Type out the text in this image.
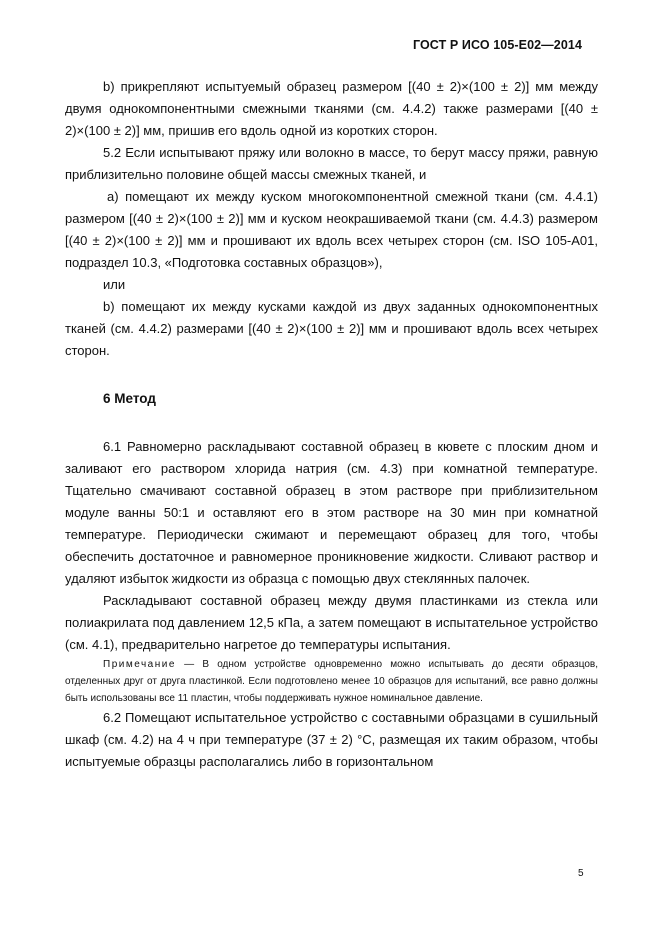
ГОСТ Р ИСО 105-Е02—2014

b) прикрепляют испытуемый образец размером [(40 ± 2)×(100 ± 2)] мм между двумя однокомпонентными смежными тканями (см. 4.4.2) также размерами [(40 ± 2)×(100 ± 2)] мм, пришив его вдоль одной из коротких сторон.

5.2 Если испытывают пряжу или волокно в массе, то берут массу пряжи, равную приблизительно половине общей массы смежных тканей, и

а) помещают их между куском многокомпонентной смежной ткани (см. 4.4.1) размером [(40 ± 2)×(100 ± 2)] мм и куском неокрашиваемой ткани (см. 4.4.3) размером [(40 ± 2)×(100 ± 2)] мм и прошивают их вдоль всех четырех сторон (см. ISO 105-А01, подраздел 10.3, «Подготовка составных образцов»),

или

b) помещают их между кусками каждой из двух заданных однокомпонентных тканей (см. 4.4.2) размерами [(40 ± 2)×(100 ± 2)] мм и прошивают вдоль всех четырех сторон.

6 Метод

6.1 Равномерно раскладывают составной образец в кювете с плоским дном и заливают его раствором хлорида натрия (см. 4.3) при комнатной температуре. Тщательно смачивают составной образец в этом растворе при приблизительном модуле ванны 50:1 и оставляют его в этом растворе на 30 мин при комнатной температуре. Периодически сжимают и перемещают образец для того, чтобы обеспечить достаточное и равномерное проникновение жидкости. Сливают раствор и удаляют избыток жидкости из образца с помощью двух стеклянных палочек.

Раскладывают составной образец между двумя пластинками из стекла или полиакрилата под давлением 12,5 кПа, а затем помещают в испытательное устройство (см. 4.1), предварительно нагретое до температуры испытания.

Примечание — В одном устройстве одновременно можно испытывать до десяти образцов, отделенных друг от друга пластинкой. Если подготовлено менее 10 образцов для испытаний, все равно должны быть использованы все 11 пластин, чтобы поддерживать нужное номинальное давление.

6.2 Помещают испытательное устройство с составными образцами в сушильный шкаф (см. 4.2) на 4 ч при температуре (37 ± 2) °С, размещая их таким образом, чтобы испытуемые образцы располагались либо в горизонтальном

5
